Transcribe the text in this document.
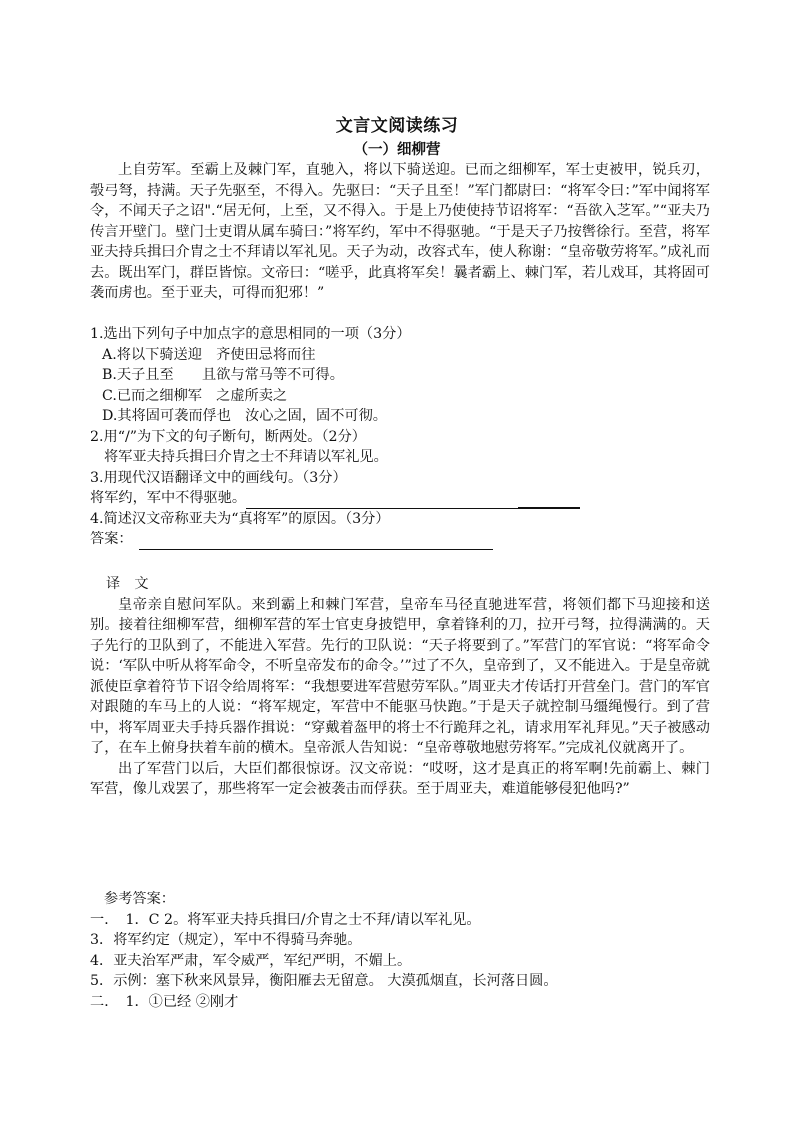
文言文阅读练习
（一）细柳营

上自劳军。至霸上及棘门军，直驰入，将以下骑送迎。已而之细柳军，军士吏被甲，锐兵刃，彀弓弩，持满。天子先驱至，不得入。先驱曰：“天子且至！”军门都尉曰：“将军令曰：”军中闻将军令，不闻天子之诏".“居无何，上至，又不得入。于是上乃使使持节诏将军：“吾欲入芝军。”“亚夫乃传言开壁门。壁门士吏谓从属车骑曰：”将军约，军中不得驱驰。“于是天子乃按辔徐行。至营，将军亚夫持兵揖曰介胄之士不拜请以军礼见。天子为动，改容式车，使人称谢：“皇帝敬劳将军。”成礼而去。既出军门，群臣皆惊。文帝曰：“嗟乎，此真将军矣！曩者霸上、棘门军，若儿戏耳，其将固可袭而虏也。至于亚夫，可得而犯邪！”

1.选出下列句子中加点字的意思相同的一项（3分）
A.将以下骑送迎　齐使田忌将而往
B.天子且至　　且欲与常马等不可得。
C.已而之细柳军　之虚所卖之
D.其将固可袭而俘也　汝心之固，固不可彻。
2.用“/”为下文的句子断句，断两处。（2分）
将军亚夫持兵揖曰介胄之士不拜请以军礼见。
3.用现代汉语翻译文中的画线句。（3分）
将军约，军中不得驱驰。
4.简述汉文帝称亚夫为“真将军”的原因。（3分）
答案：
译　文

皇帝亲自慰问军队。来到霸上和棘门军营，皇帝车马径直驰进军营，将领们都下马迎接和送别。接着往细柳军营，细柳军营的军士官吏身披铠甲，拿着锋利的刀，拉开弓弩，拉得满满的。天子先行的卫队到了，不能进入军营。先行的卫队说：“天子将要到了。”军营门的军官说：“将军命令说：‘军队中听从将军命令，不听皇帝发布的命令。’”过了不久，皇帝到了，又不能进入。于是皇帝就派使臣拿着符节下诏令给周将军：“我想要进军营慰劳军队。”周亚夫才传话打开营垒门。营门的军官对跟随的车马上的人说：“将军规定，军营中不能驱马快跑。”于是天子就控制马缰绳慢行。到了营中，将军周亚夫手持兵器作揖说：“穿戴着盔甲的将士不行跪拜之礼，请求用军礼拜见。”天子被感动了，在车上俯身扶着车前的横木。皇帝派人告知说：“皇帝尊敬地慰劳将军。”完成礼仪就离开了。

出了军营门以后，大臣们都很惊讶。汉文帝说：“哎呀，这才是真正的将军啊!先前霸上、棘门军营，像儿戏罢了，那些将军一定会被袭击而俘获。至于周亚夫，难道能够侵犯他吗?”

参考答案：

一．　1．C 2。将军亚夫持兵揖曰/介胄之士不拜/请以军礼见。

3．将军约定（规定），军中不得骑马奔驰。

4．亚夫治军严肃，军令威严，军纪严明，不媚上。

5．示例：塞下秋来风景异，衡阳雁去无留意。 大漠孤烟直，长河落日圆。

二．　1．①已经 ②刚才
